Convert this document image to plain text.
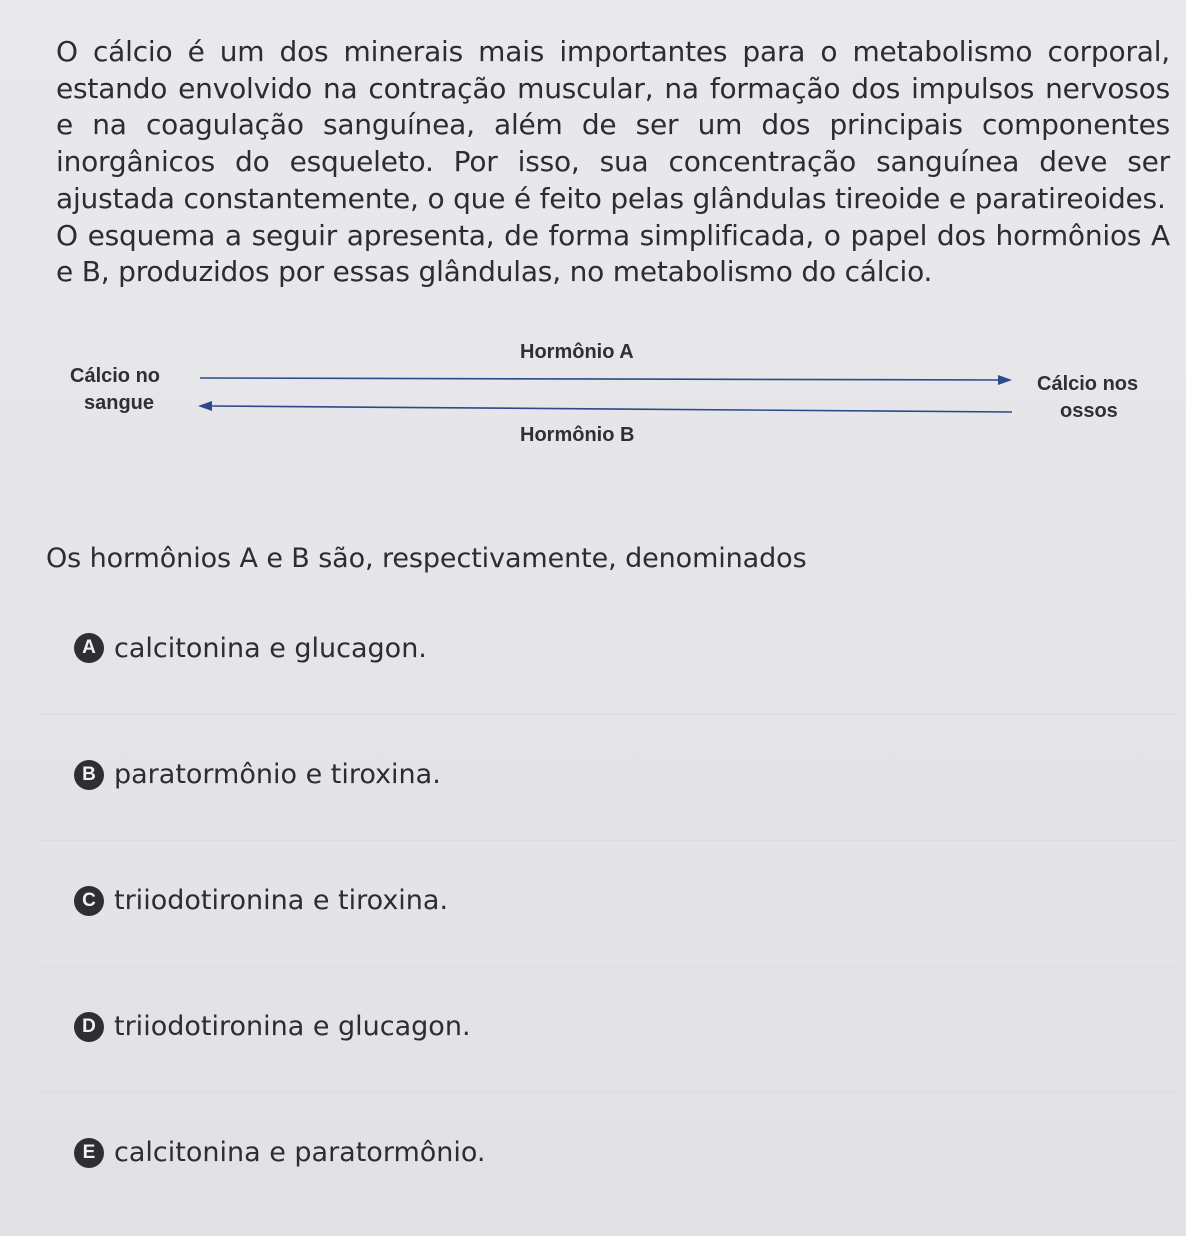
O cálcio é um dos minerais mais importantes para o metabolismo corporal, estando envolvido na contração muscular, na formação dos impulsos nervosos e na coagulação sanguínea, além de ser um dos principais componentes inorgânicos do esqueleto. Por isso, sua concentração sanguínea deve ser ajustada constantemente, o que é feito pelas glândulas tireoide e paratireoides.

O esquema a seguir apresenta, de forma simplificada, o papel dos hormônios A e B, produzidos por essas glândulas, no metabolismo do cálcio.

Hormônio A
Hormônio B
Cálcio no
sangue
Cálcio nos
ossos
Os hormônios A e B são, respectivamente, denominados
A calcitonina e glucagon.
B paratormônio e tiroxina.
C triiodotironina e tiroxina.
D triiodotironina e glucagon.
E calcitonina e paratormônio.
